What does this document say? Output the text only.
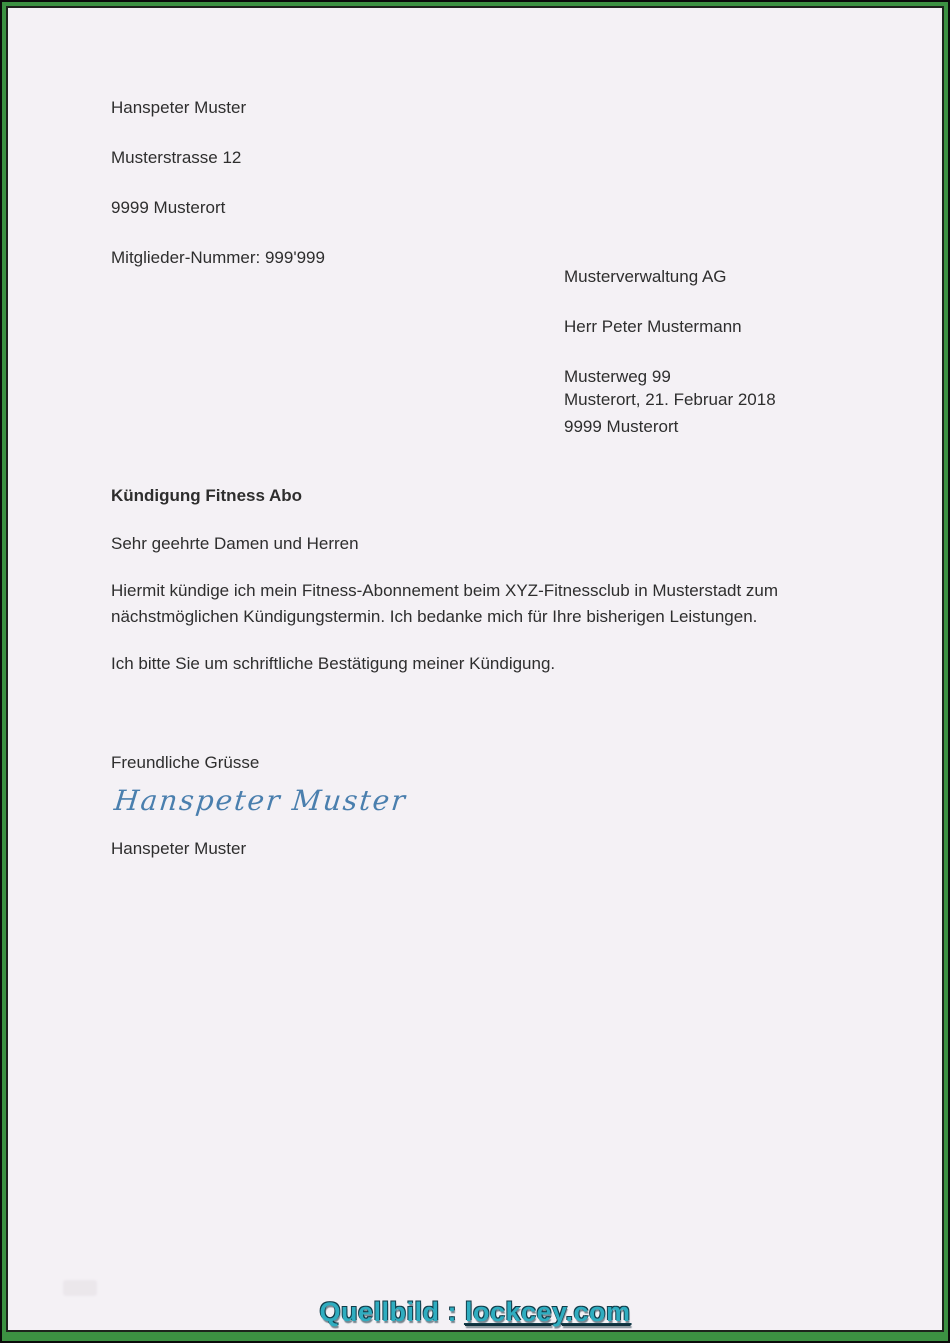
Hanspeter Muster

Musterstrasse 12

9999 Musterort

Mitglieder-Nummer: 999'999

Musterverwaltung AG

Herr Peter Mustermann

Musterweg 99

9999 Musterort

Musterort, 21. Februar 2018
Kündigung Fitness Abo
Sehr geehrte Damen und Herren
Hiermit kündige ich mein Fitness-Abonnement beim XYZ-Fitnessclub in Musterstadt zum nächstmöglichen Kündigungstermin. Ich bedanke mich für Ihre bisherigen Leistungen.
Ich bitte Sie um schriftliche Bestätigung meiner Kündigung.
Freundliche Grüsse
Hanspeter Muster
Hanspeter Muster
Quellbild : lockcey.com
